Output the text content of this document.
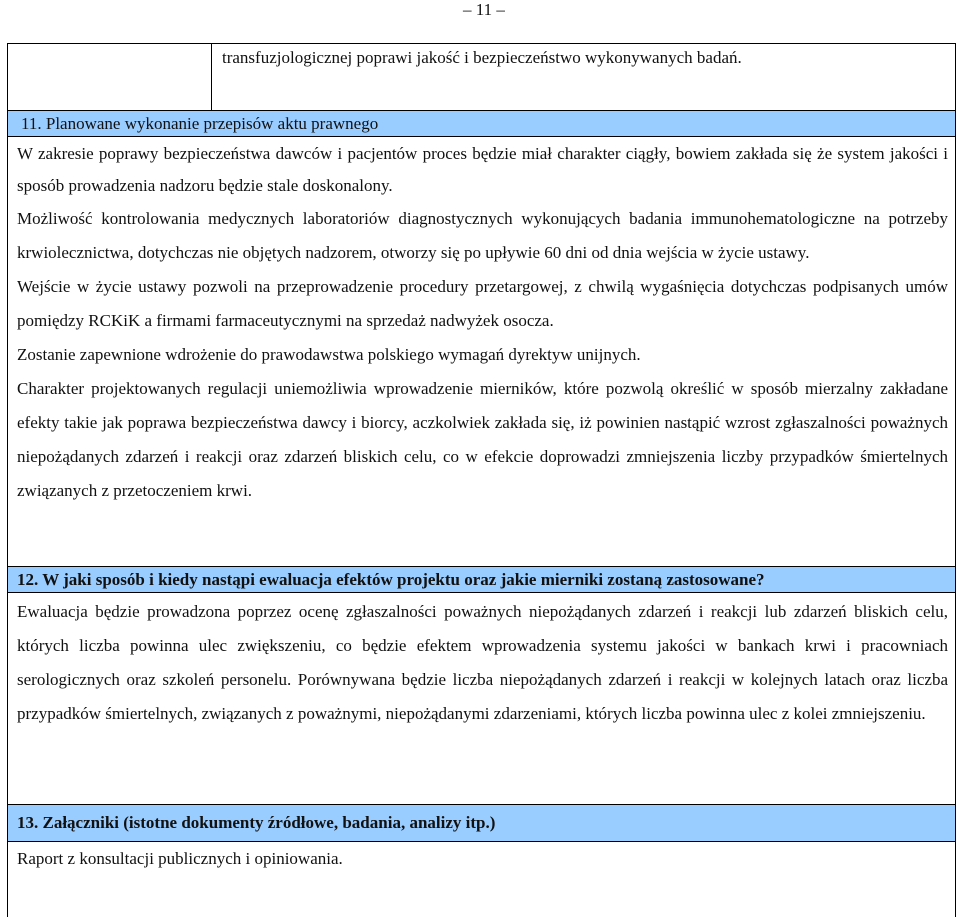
– 11 –
transfuzjologicznej poprawi jakość i bezpieczeństwo wykonywanych badań.
11. Planowane wykonanie przepisów aktu prawnego

W zakresie poprawy bezpieczeństwa dawców i pacjentów proces będzie miał charakter ciągły, bowiem zakłada się że system jakości i sposób prowadzenia nadzoru będzie stale doskonalony.

Możliwość kontrolowania medycznych laboratoriów diagnostycznych wykonujących badania immunohematologiczne na potrzeby krwiolecznictwa, dotychczas nie objętych nadzorem, otworzy się po upływie 60 dni od dnia wejścia w życie ustawy.

Wejście w życie ustawy pozwoli na przeprowadzenie procedury przetargowej, z chwilą wygaśnięcia dotychczas podpisanych umów pomiędzy RCKiK a firmami farmaceutycznymi na sprzedaż nadwyżek osocza.

Zostanie zapewnione wdrożenie do prawodawstwa polskiego wymagań dyrektyw unijnych.

Charakter projektowanych regulacji uniemożliwia wprowadzenie mierników, które pozwolą określić w sposób mierzalny zakładane efekty takie jak poprawa bezpieczeństwa dawcy i biorcy, aczkolwiek zakłada się, iż powinien nastąpić wzrost zgłaszalności poważnych niepożądanych zdarzeń i reakcji oraz zdarzeń bliskich celu, co w efekcie doprowadzi zmniejszenia liczby przypadków śmiertelnych związanych z przetoczeniem krwi.

12. W jaki sposób i kiedy nastąpi ewaluacja efektów projektu oraz jakie mierniki zostaną zastosowane?

Ewaluacja będzie prowadzona poprzez ocenę zgłaszalności poważnych niepożądanych zdarzeń i reakcji lub zdarzeń bliskich celu, których liczba powinna ulec zwiększeniu, co będzie efektem wprowadzenia systemu jakości w bankach krwi i pracowniach serologicznych oraz szkoleń personelu. Porównywana będzie liczba niepożądanych zdarzeń i reakcji w kolejnych latach oraz liczba przypadków śmiertelnych, związanych z poważnymi, niepożądanymi zdarzeniami, których liczba powinna ulec z kolei zmniejszeniu.

13. Załączniki (istotne dokumenty źródłowe, badania, analizy itp.)

Raport z konsultacji publicznych i opiniowania.
